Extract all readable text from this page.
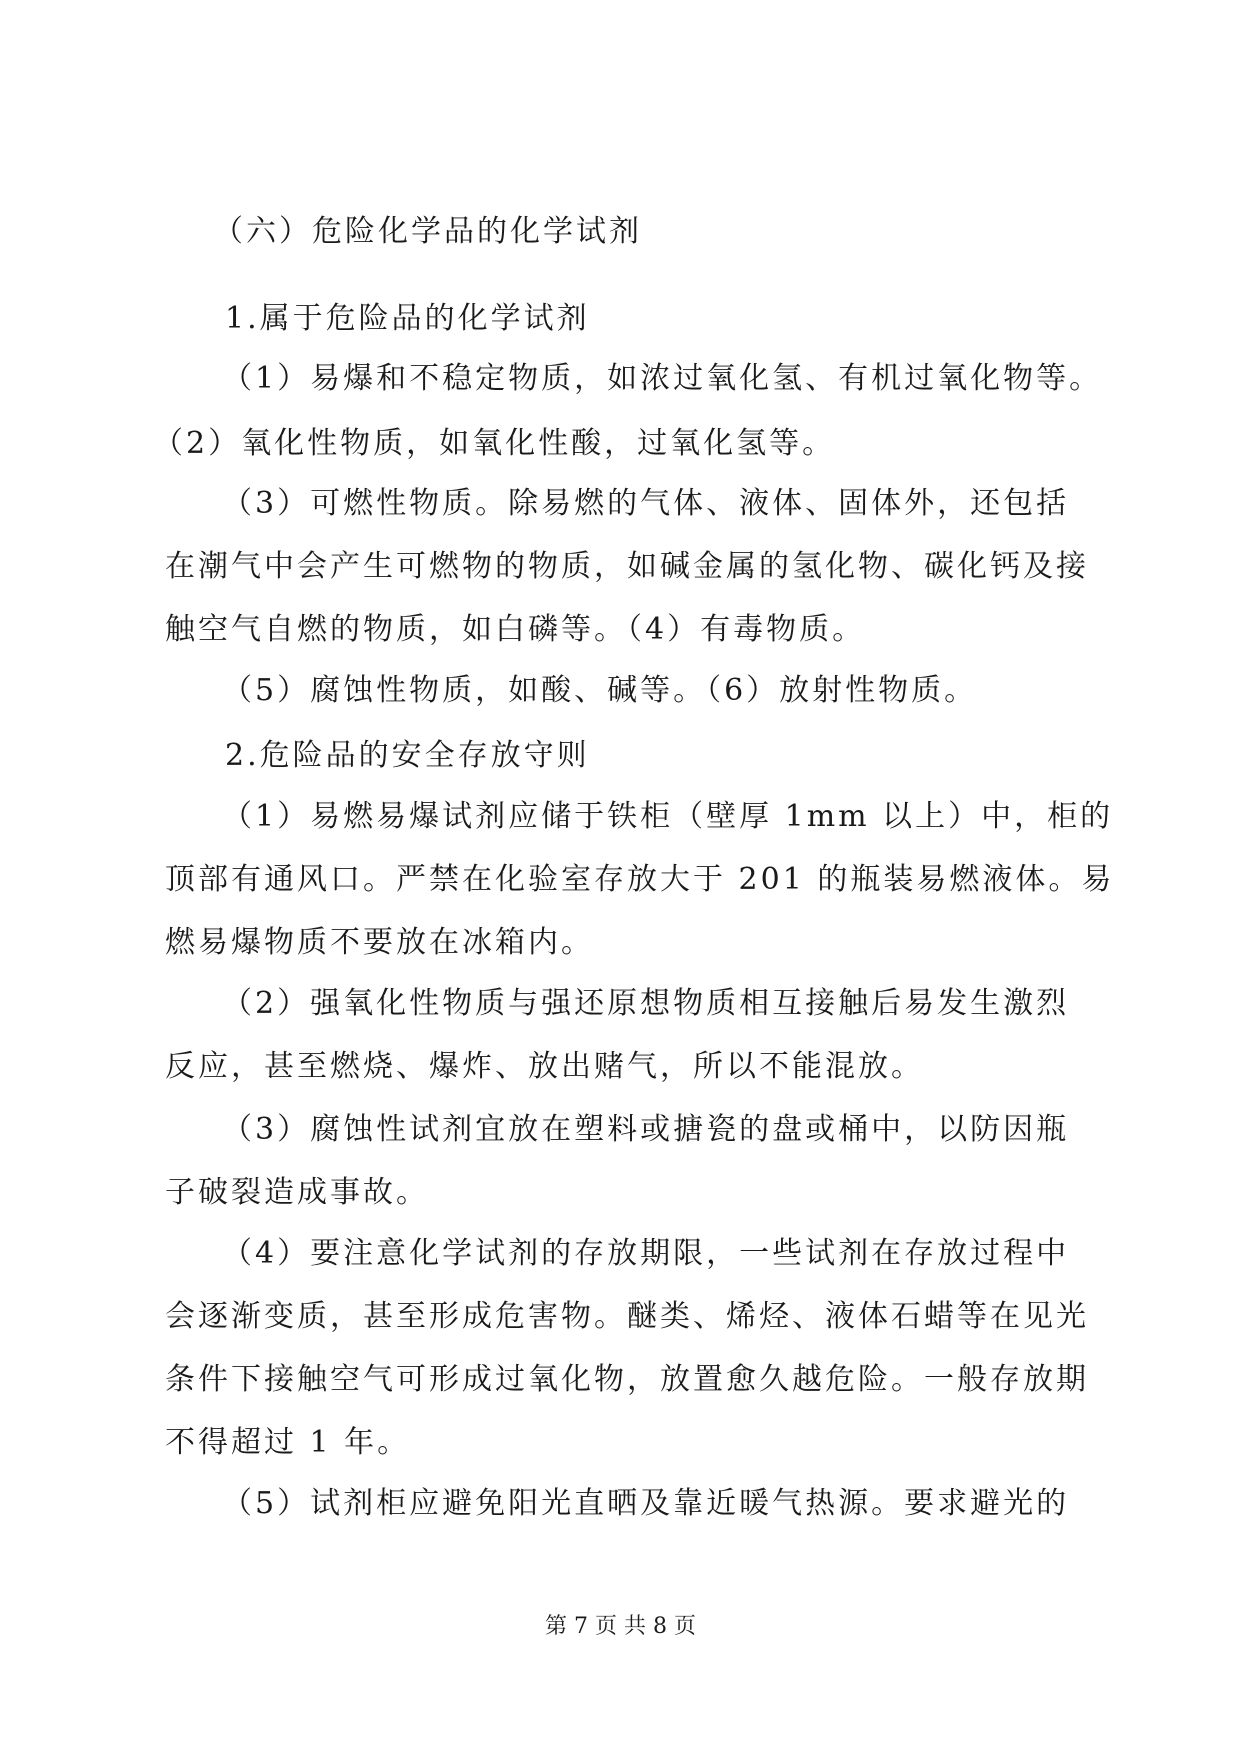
（六）危险化学品的化学试剂
1.属于危险品的化学试剂
（1）易爆和不稳定物质，如浓过氧化氢、有机过氧化物等。
（2）氧化性物质，如氧化性酸，过氧化氢等。
（3）可燃性物质。除易燃的气体、液体、固体外，还包括
在潮气中会产生可燃物的物质，如碱金属的氢化物、碳化钙及接
触空气自燃的物质，如白磷等。（4）有毒物质。
（5）腐蚀性物质，如酸、碱等。（6）放射性物质。
2.危险品的安全存放守则
（1）易燃易爆试剂应储于铁柜（壁厚 1mm 以上）中，柜的
顶部有通风口。严禁在化验室存放大于 201 的瓶装易燃液体。易
燃易爆物质不要放在冰箱内。
（2）强氧化性物质与强还原想物质相互接触后易发生激烈
反应，甚至燃烧、爆炸、放出赌气，所以不能混放。
（3）腐蚀性试剂宜放在塑料或搪瓷的盘或桶中，以防因瓶
子破裂造成事故。
（4）要注意化学试剂的存放期限，一些试剂在存放过程中
会逐渐变质，甚至形成危害物。醚类、烯烃、液体石蜡等在见光
条件下接触空气可形成过氧化物，放置愈久越危险。一般存放期
不得超过 1 年。
（5）试剂柜应避免阳光直晒及靠近暖气热源。要求避光的
第 7 页 共 8 页
